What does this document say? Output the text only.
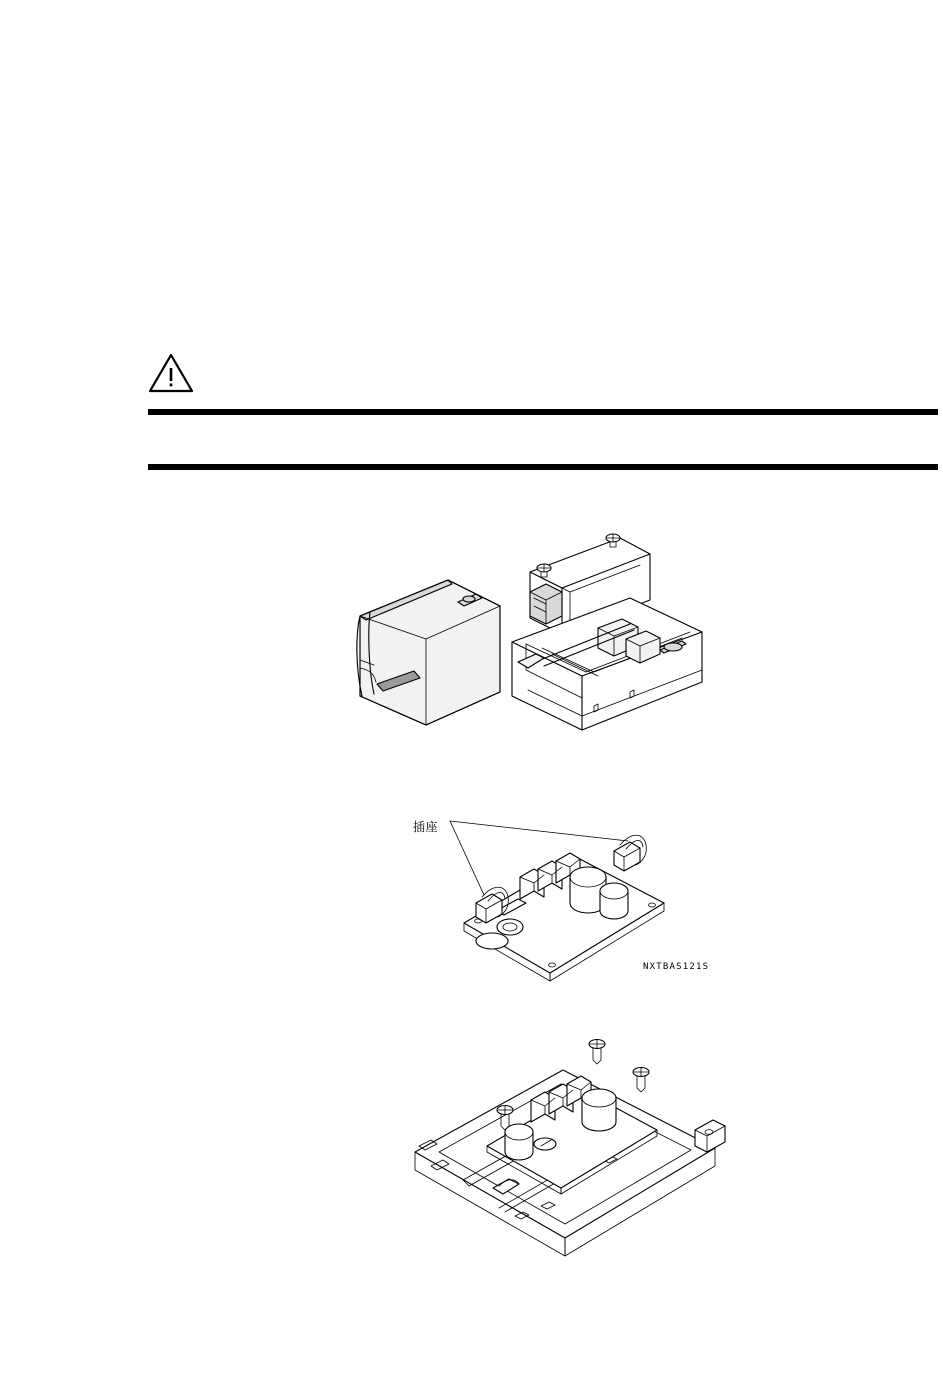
插座
NXTBAS121S
